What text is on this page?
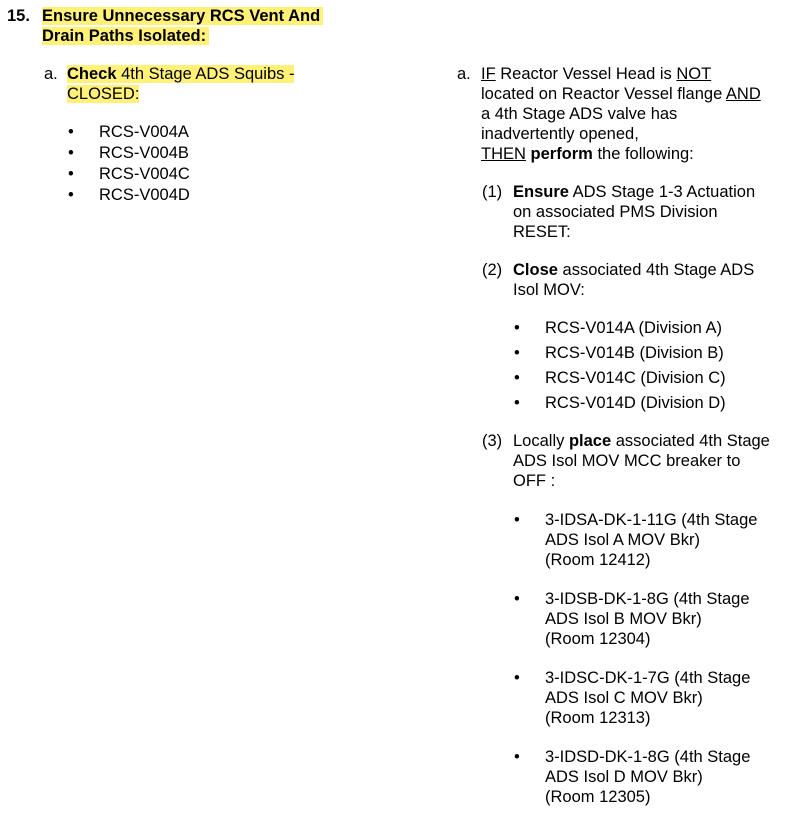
15. Ensure Unnecessary RCS Vent And
Drain Paths Isolated:
a. Check 4th Stage ADS Squibs -
CLOSED:
• RCS-V004A
• RCS-V004B
• RCS-V004C
• RCS-V004D
a. IF Reactor Vessel Head is NOT
located on Reactor Vessel flange AND
a 4th Stage ADS valve has
inadvertently opened,
THEN perform the following:
(1) Ensure ADS Stage 1-3 Actuation
on associated PMS Division
RESET:
(2) Close associated 4th Stage ADS
Isol MOV:
• RCS-V014A (Division A)
• RCS-V014B (Division B)
• RCS-V014C (Division C)
• RCS-V014D (Division D)
(3) Locally place associated 4th Stage
ADS Isol MOV MCC breaker to
OFF :
• 3-IDSA-DK-1-11G (4th Stage
ADS Isol A MOV Bkr)
(Room 12412)
• 3-IDSB-DK-1-8G (4th Stage
ADS Isol B MOV Bkr)
(Room 12304)
• 3-IDSC-DK-1-7G (4th Stage
ADS Isol C MOV Bkr)
(Room 12313)
• 3-IDSD-DK-1-8G (4th Stage
ADS Isol D MOV Bkr)
(Room 12305)
